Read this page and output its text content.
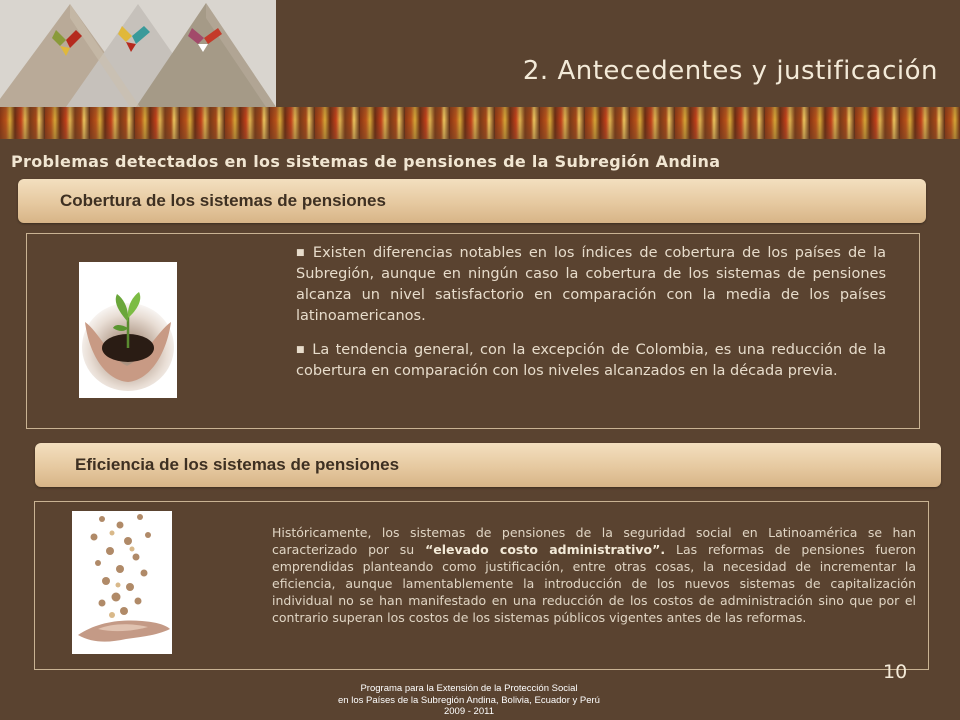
2. Antecedentes y justificación
Problemas detectados en los sistemas de pensiones de la Subregión Andina
Cobertura de los sistemas de pensiones
■ Existen diferencias notables en los índices de cobertura de los países de la Subregión, aunque en ningún caso la cobertura de los sistemas de pensiones alcanza un nivel satisfactorio en comparación con la media de los países latinoamericanos.
■ La tendencia general, con la excepción de Colombia, es una reducción de la cobertura en comparación con los niveles alcanzados en la década previa.
Eficiencia de los sistemas de pensiones

Históricamente, los sistemas de pensiones de la seguridad social en Latinoamérica se han caracterizado por su “elevado costo administrativo”. Las reformas de pensiones fueron emprendidas planteando como justificación, entre otras cosas, la necesidad de incrementar la eficiencia, aunque lamentablemente la introducción de los nuevos sistemas de capitalización individual no se han manifestado en una reducción de los costos de administración sino que por el contrario superan los costos de los sistemas públicos vigentes antes de las reformas.

10
Programa para la Extensión de la Protección Social
en los Países de la Subregión Andina, Bolivia, Ecuador y Perú
2009 - 2011
